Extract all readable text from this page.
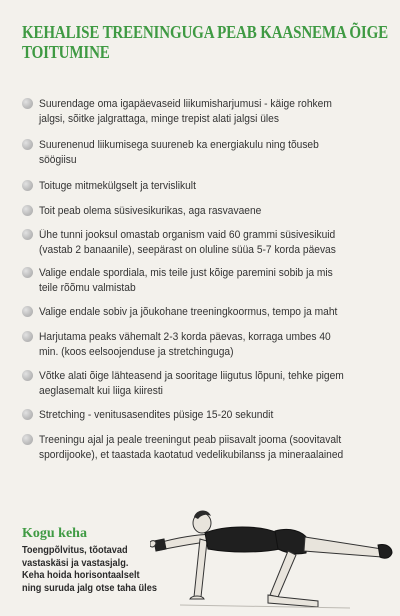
KEHALISE TREENINGUGA PEAB KAASNEMA ÕIGE
TOITUMINE
Suurendage oma igapäevaseid liikumisharjumusi - käige rohkem
jalgsi, sõitke jalgrattaga, minge trepist alati jalgsi üles
Suurenenud liikumisega suureneb ka energiakulu ning tõuseb
söögiisu
Toituge mitmekülgselt ja tervislikult
Toit peab olema süsivesikurikas, aga rasvavaene
Ühe tunni jooksul omastab organism vaid 60 grammi süsivesikuid
(vastab 2 banaanile), seepärast on oluline süüa 5-7 korda päevas
Valige endale spordiala, mis teile just kõige paremini sobib ja mis
teile rõõmu valmistab
Valige endale sobiv ja jõukohane treeningkoormus, tempo ja maht
Harjutama peaks vähemalt 2-3 korda päevas, korraga umbes 40
min. (koos eelsoojenduse ja stretchinguga)
Võtke alati õige lähteasend ja sooritage liigutus lõpuni, tehke pigem
aeglasemalt kui liiga kiiresti
Stretching - venitusasendites püsige 15-20 sekundit
Treeningu ajal ja peale treeningut peab piisavalt jooma (soovitavalt
spordijooke), et taastada kaotatud vedelikubilanss ja mineraalained
Kogu keha
Toengpõlvitus, tõotavad
vastaskäsi ja vastasjalg.
Keha hoida horisontaalselt
ning suruda jalg otse taha üles
